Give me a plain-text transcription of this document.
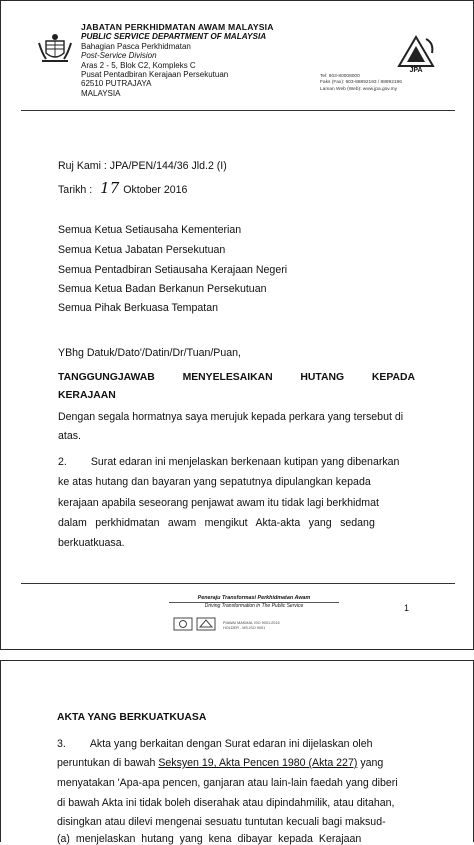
JABATAN PERKHIDMATAN AWAM MALAYSIA
PUBLIC SERVICE DEPARTMENT OF MALAYSIA
Bahagian Pasca Perkhidmatan
Post-Service Division
Aras 2 - 5, Blok C2, Kompleks C
Pusat Pentadbiran Kerajaan Persekutuan
62510 PUTRAJAYA
MALAYSIA
JPA
Tel: 603-80008000
Faks (Fax): 603-88892193 / 88892196
Laman Web (Web): www.jpa.gov.my
Ruj Kami : JPA/PEN/144/36 Jld.2 (I)
Tarikh : 17 Oktober 2016
Semua Ketua Setiausaha Kementerian
Semua Ketua Jabatan Persekutuan
Semua Pentadbiran Setiausaha Kerajaan Negeri
Semua Ketua Badan Berkanun Persekutuan
Semua Pihak Berkuasa Tempatan
YBhg Datuk/Dato'/Datin/Dr/Tuan/Puan,
TANGGUNGJAWAB	MENYELESAIKAN	HUTANG	KEPADA
KERAJAAN
Dengan segala hormatnya saya merujuk kepada perkara yang tersebut di
atas.
2. Surat edaran ini menjelaskan berkenaan kutipan yang dibenarkan
ke atas hutang dan bayaran yang sepatutnya dipulangkan kepada
kerajaan apabila seseorang penjawat awam itu tidak lagi berkhidmat
dalam perkhidmatan awam mengikut Akta-akta yang sedang
berkuatkuasa.
Peneraju Transformasi Perkhidmatan Awam
Driving Transformation in The Public Service
PIAWAI MAKMAL ISO 9001:2015
HOLDER - MS-ISO 9001
1
AKTA YANG BERKUATKUASA
3. Akta yang berkaitan dengan Surat edaran ini dijelaskan oleh
peruntukan di bawah Seksyen 19, Akta Pencen 1980 (Akta 227) yang
menyatakan 'Apa-apa pencen, ganjaran atau lain-lain faedah yang diberi
di bawah Akta ini tidak boleh diserahak atau dipindahmilik, atau ditahan,
disingkan atau dilevi mengenai sesuatu tuntutan kecuali bagi maksud-
(a) menjelaskan hutang yang kena dibayar kepada Kerajaan
